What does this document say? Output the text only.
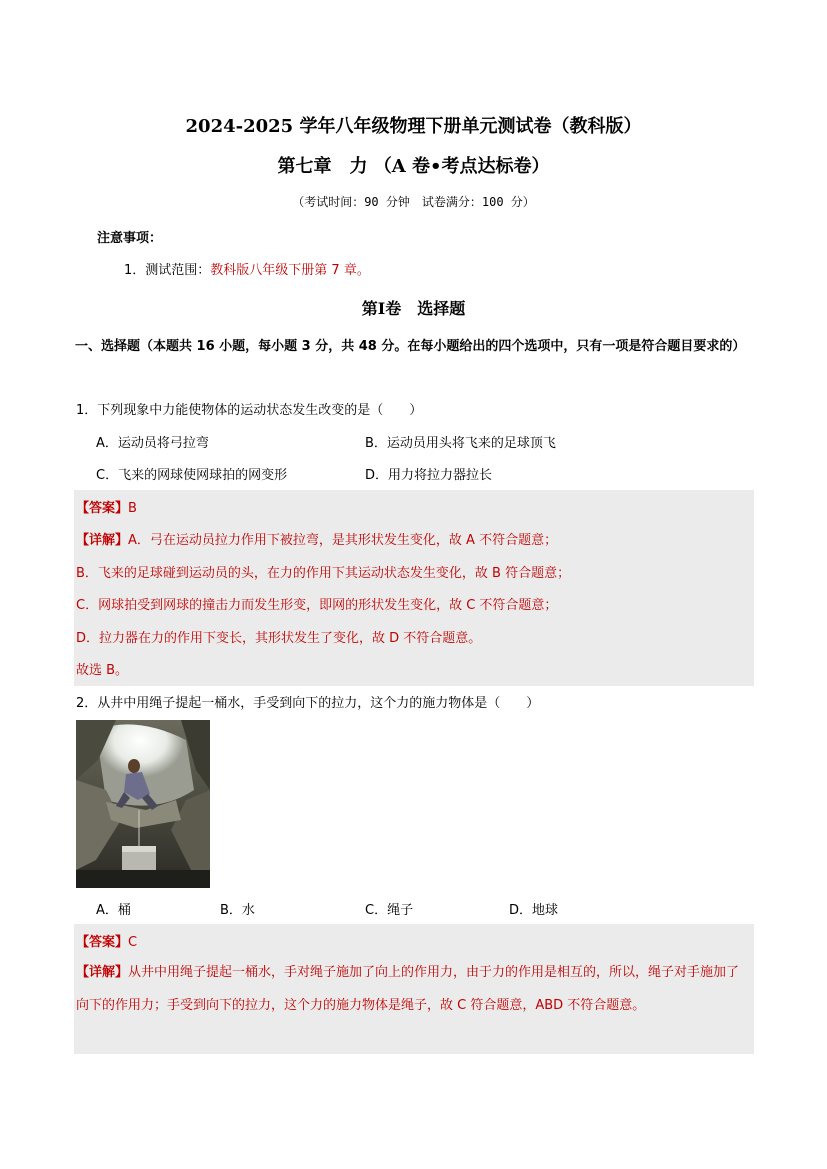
2024-2025 学年八年级物理下册单元测试卷（教科版）
第七章　力 （A 卷•考点达标卷）
（考试时间：90 分钟　试卷满分：100 分）
注意事项：
1．测试范围：教科版八年级下册第 7 章。
第Ⅰ卷　选择题
一、选择题（本题共 16 小题，每小题 3 分，共 48 分。在每小题给出的四个选项中，只有一项是符合题目要求的）
1．下列现象中力能使物体的运动状态发生改变的是（　　）
A．运动员将弓拉弯	B．运动员用头将飞来的足球顶飞
C．飞来的网球使网球拍的网变形	D．用力将拉力器拉长
【答案】B
【详解】A．弓在运动员拉力作用下被拉弯，是其形状发生变化，故 A 不符合题意；
B．飞来的足球碰到运动员的头，在力的作用下其运动状态发生变化，故 B 符合题意；
C．网球拍受到网球的撞击力而发生形变，即网的形状发生变化，故 C 不符合题意；
D．拉力器在力的作用下变长，其形状发生了变化，故 D 不符合题意。
故选 B。
2．从井中用绳子提起一桶水，手受到向下的拉力，这个力的施力物体是（　　）
A．桶	B．水	C．绳子	D．地球
【答案】C
【详解】从井中用绳子提起一桶水，手对绳子施加了向上的作用力，由于力的作用是相互的，所以，绳子对手施加了向下的作用力；手受到向下的拉力，这个力的施力物体是绳子，故 C 符合题意，ABD 不符合题意。
